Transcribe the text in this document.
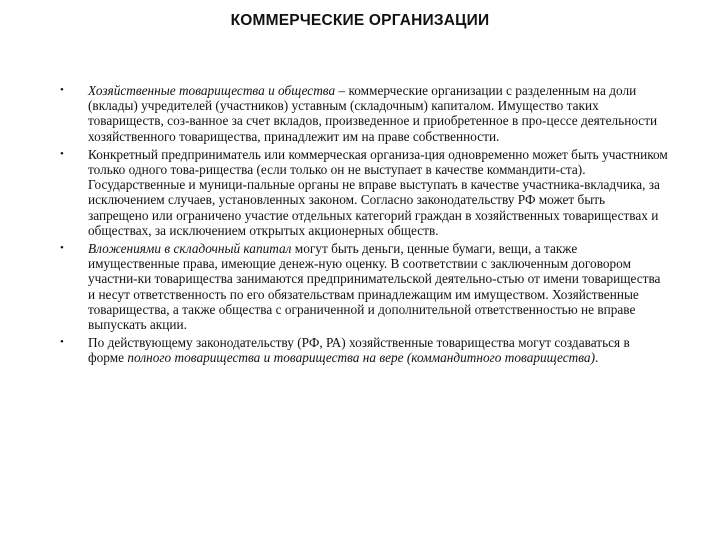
КОММЕРЧЕСКИЕ ОРГАНИЗАЦИИ
•	Хозяйственные товарищества и общества – коммерческие организации с разделенным на доли (вклады) учредителей (участников) уставным (складочным) капиталом. Имущество таких товариществ, соз-ванное за счет вкладов, произведенное и приобретенное в про-цессе деятельности хозяйственного товарищества, принадлежит им на праве собственности.
•	Конкретный предприниматель или коммерческая организа-ция одновременно может быть участником только одного това-рищества (если только он не выступает в качестве коммандити-ста). Государственные и муници-пальные органы не вправе выступать в качестве участника-вкладчика, за исключением случаев, установленных законом. Согласно законодательству РФ может быть запрещено или ограничено участие отдельных категорий граждан в хозяйственных товариществах и обществах, за исключением открытых акционерных обществ.
•	Вложениями в складочный капитал могут быть деньги, ценные бумаги, вещи, а также имущественные права, имеющие денеж-ную оценку. В соответствии с заключенным договором участни-ки товарищества занимаются предпринимательской деятельно-стью от имени товарищества и несут ответственность по его обязательствам принадлежащим им имуществом. Хозяйственные товарищества, а также общества с ограниченной и дополнительной ответственностью не вправе выпускать акции.
•	По действующему законодательству (РФ, РА) хозяйственные товарищества могут создаваться в форме полного товарищества и товарищества на вере (коммандитного товарищества).
